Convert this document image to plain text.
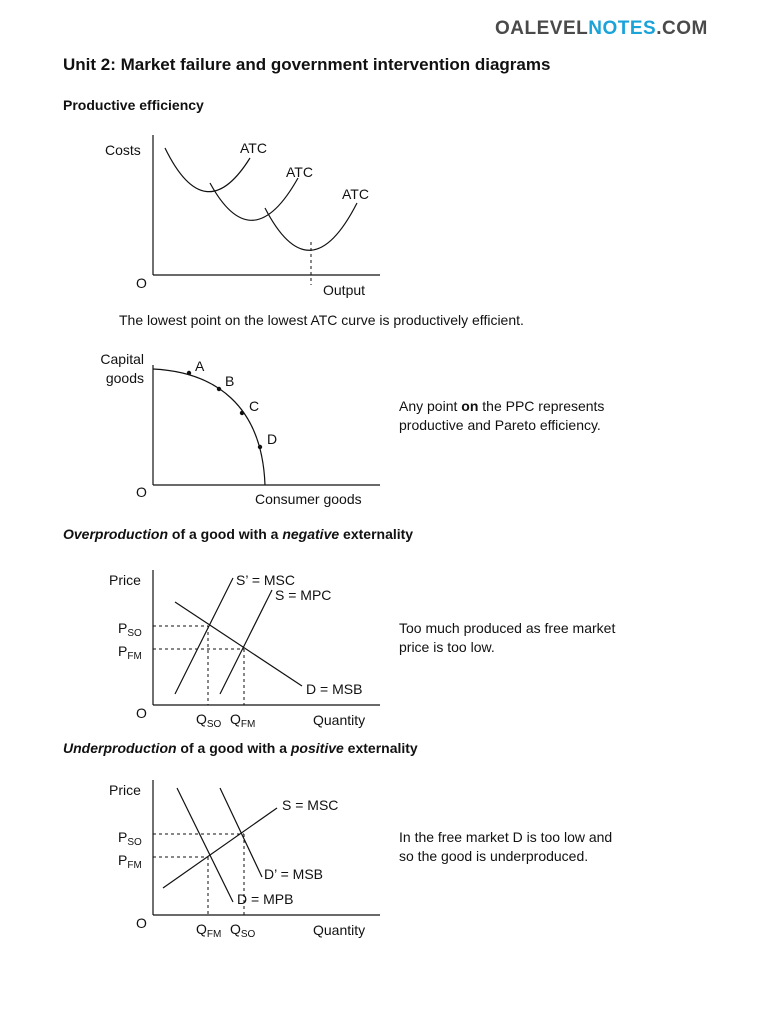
OALEVELNOTES.COM
Unit 2: Market failure and government intervention diagrams
Productive efficiency
Costs
Output
O
ATC
ATC
ATC
A
B
C
D
Capital
goods
Consumer goods
O
Price
Quantity
O
S’ = MSC
S = MPC
D = MSB
$P_{SO}$
$P_{FM}$
$Q_{SO}$ $Q_{FM}$
Price
Quantity
O
S = MSC
D’ = MSB
D = MPB
$P_{SO}$
$P_{FM}$
$Q_{FM}$ $Q_{SO}$
The lowest point on the lowest ATC curve is productively efficient.
Any point on the PPC represents
productive and Pareto efficiency.
Overproduction of a good with a negative externality
Too much produced as free market
price is too low.
Underproduction of a good with a positive externality
In the free market D is too low and
so the good is underproduced.
